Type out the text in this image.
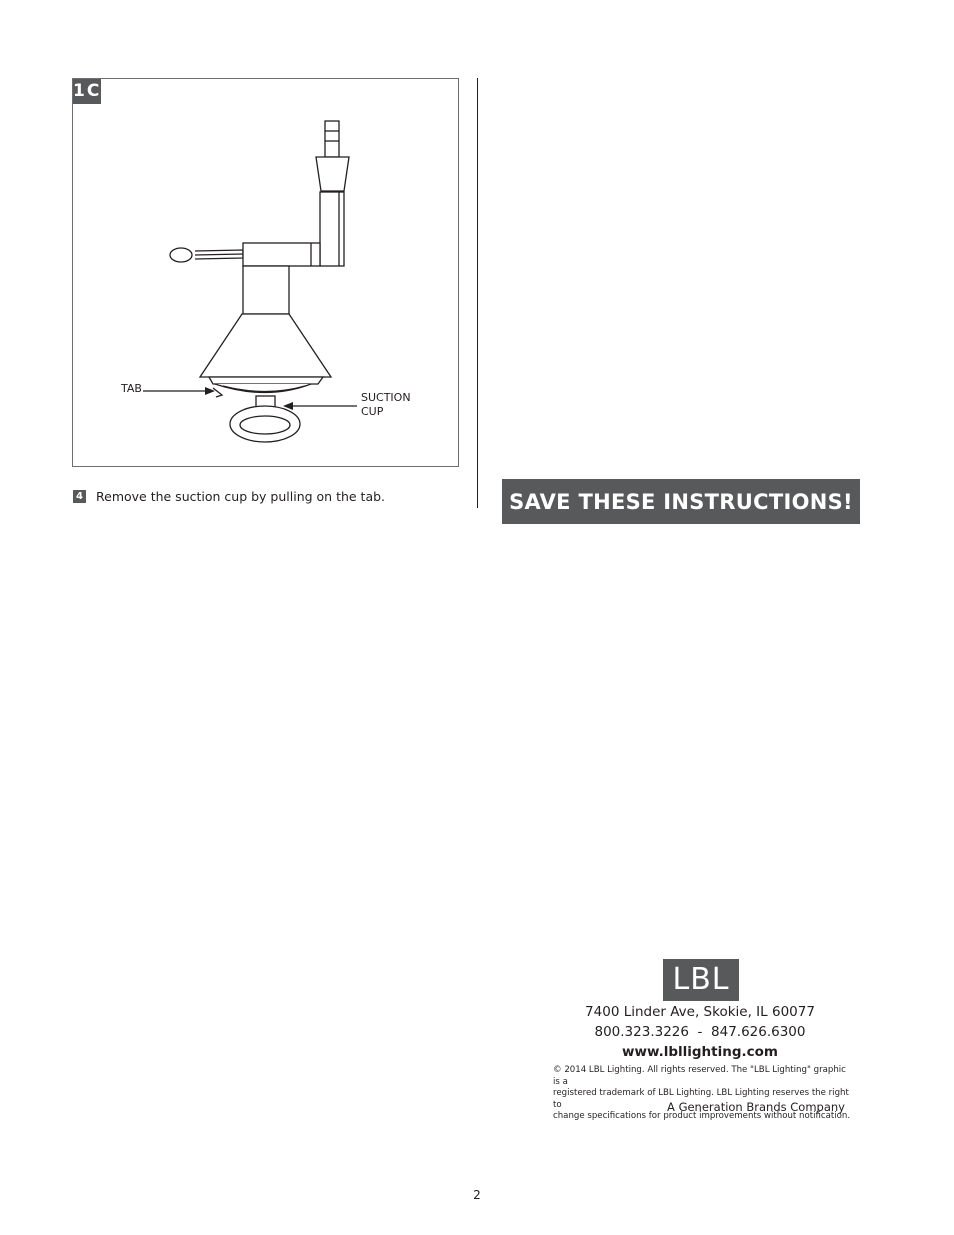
1C
TAB
SUCTION
CUP
4 Remove the suction cup by pulling on the tab.	SAVE THESE INSTRUCTIONS!
LBL
7400 Linder Ave, Skokie, IL 60077
800.323.3226  -  847.626.6300
www.lbllighting.com
© 2014 LBL Lighting. All rights reserved. The "LBL Lighting" graphic is a
registered trademark of LBL Lighting. LBL Lighting reserves the right to
change specifications for product improvements without notification.
A Generation Brands Company
2
